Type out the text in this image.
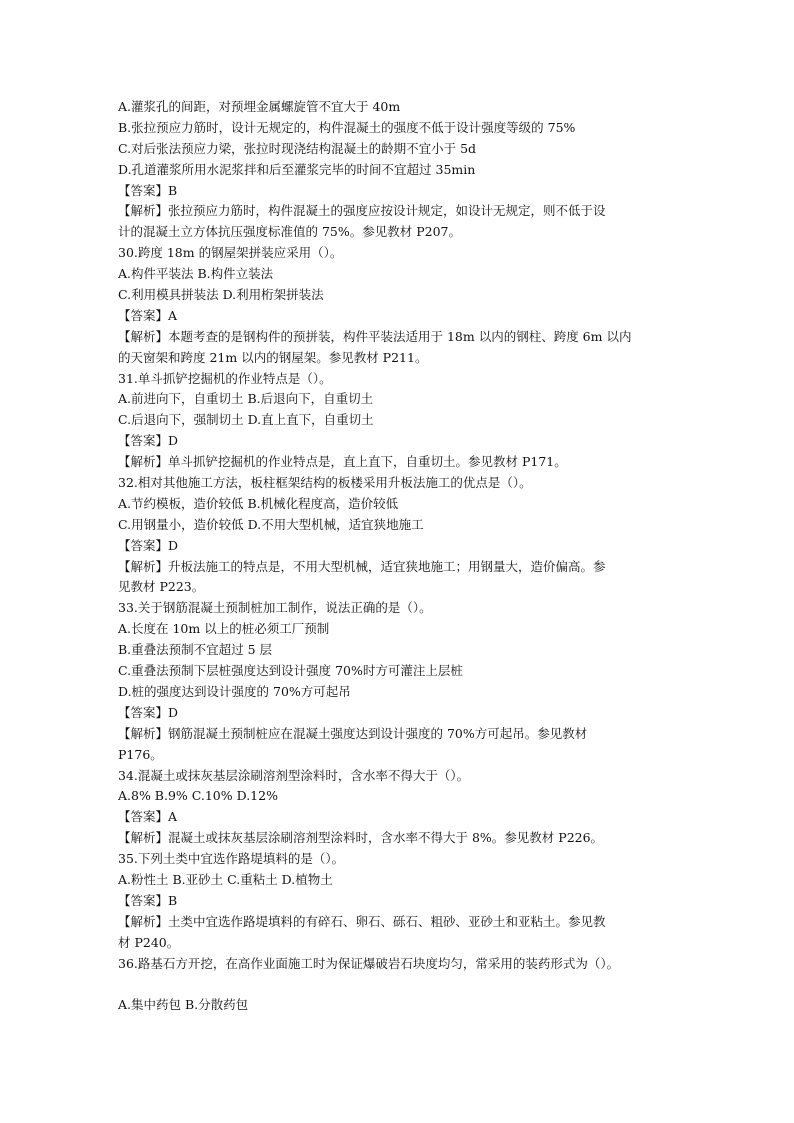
A.灌浆孔的间距，对预埋金属螺旋管不宜大于 40m
B.张拉预应力筋时，设计无规定的，构件混凝土的强度不低于设计强度等级的 75%
C.对后张法预应力梁，张拉时现浇结构混凝土的龄期不宜小于 5d
D.孔道灌浆所用水泥浆拌和后至灌浆完毕的时间不宜超过 35min
【答案】B
【解析】张拉预应力筋时，构件混凝土的强度应按设计规定，如设计无规定，则不低于设
计的混凝土立方体抗压强度标准值的 75%。参见教材 P207。
30.跨度 18m 的钢屋架拼装应采用（）。
A.构件平装法 B.构件立装法
C.利用模具拼装法 D.利用桁架拼装法
【答案】A
【解析】本题考查的是钢构件的预拼装，构件平装法适用于 18m 以内的钢柱、跨度 6m 以内
的天窗架和跨度 21m 以内的钢屋架。参见教材 P211。
31.单斗抓铲挖掘机的作业特点是（）。
A.前进向下，自重切土 B.后退向下，自重切土
C.后退向下，强制切土 D.直上直下，自重切土
【答案】D
【解析】单斗抓铲挖掘机的作业特点是，直上直下，自重切土。参见教材 P171。
32.相对其他施工方法，板柱框架结构的板楼采用升板法施工的优点是（）。
A.节约模板，造价较低 B.机械化程度高，造价较低
C.用钢量小，造价较低 D.不用大型机械，适宜狭地施工
【答案】D
【解析】升板法施工的特点是，不用大型机械，适宜狭地施工；用钢量大，造价偏高。参
见教材 P223。
33.关于钢筋混凝土预制桩加工制作，说法正确的是（）。
A.长度在 10m 以上的桩必须工厂预制
B.重叠法预制不宜超过 5 层
C.重叠法预制下层桩强度达到设计强度 70%时方可灌注上层桩
D.桩的强度达到设计强度的 70%方可起吊
【答案】D
【解析】钢筋混凝土预制桩应在混凝土强度达到设计强度的 70%方可起吊。参见教材
P176。
34.混凝土或抹灰基层涂刷溶剂型涂料时，含水率不得大于（）。
A.8% B.9% C.10% D.12%
【答案】A
【解析】混凝土或抹灰基层涂刷溶剂型涂料时，含水率不得大于 8%。参见教材 P226。
35.下列土类中宜选作路堤填料的是（）。
A.粉性土 B.亚砂土 C.重粘土 D.植物土
【答案】B
【解析】土类中宜选作路堤填料的有碎石、卵石、砾石、粗砂、亚砂土和亚粘土。参见教
材 P240。
36.路基石方开挖，在高作业面施工时为保证爆破岩石块度均匀，常采用的装药形式为（）。
A.集中药包 B.分散药包
